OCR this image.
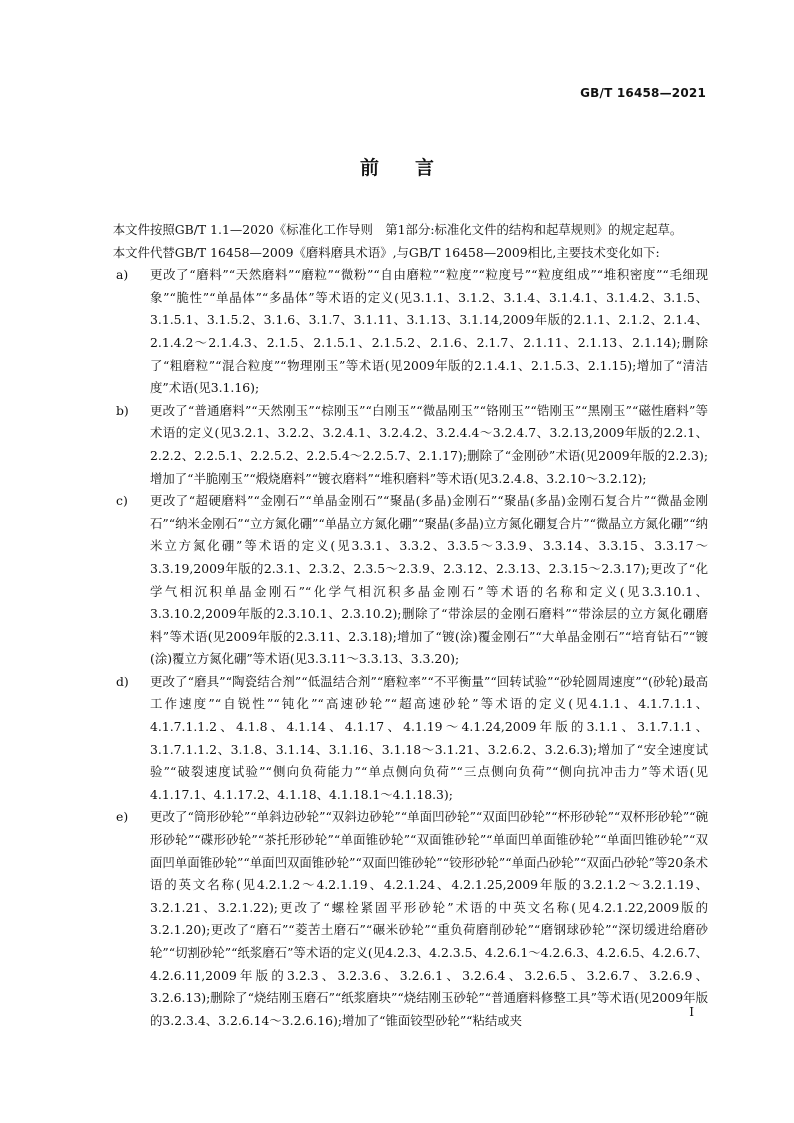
GB/T 16458—2021
前言

本文件按照GB/T 1.1—2020《标准化工作导则　第1部分:标准化文件的结构和起草规则》的规定起草。

本文件代替GB/T 16458—2009《磨料磨具术语》,与GB/T 16458—2009相比,主要技术变化如下:

a)	更改了“磨料”“天然磨料”“磨粒”“微粉”“自由磨粒”“粒度”“粒度号”“粒度组成”“堆积密度”“毛细现象”“脆性”“单晶体”“多晶体”等术语的定义(见3.1.1、3.1.2、3.1.4、3.1.4.1、3.1.4.2、3.1.5、3.1.5.1、3.1.5.2、3.1.6、3.1.7、3.1.11、3.1.13、3.1.14,2009年版的2.1.1、2.1.2、2.1.4、2.1.4.2～2.1.4.3、2.1.5、2.1.5.1、2.1.5.2、2.1.6、2.1.7、2.1.11、2.1.13、2.1.14);删除了“粗磨粒”“混合粒度”“物理刚玉”等术语(见2009年版的2.1.4.1、2.1.5.3、2.1.15);增加了“清洁度”术语(见3.1.16);
b)	更改了“普通磨料”“天然刚玉”“棕刚玉”“白刚玉”“微晶刚玉”“铬刚玉”“锆刚玉”“黑刚玉”“磁性磨料”等术语的定义(见3.2.1、3.2.2、3.2.4.1、3.2.4.2、3.2.4.4～3.2.4.7、3.2.13,2009年版的2.2.1、2.2.2、2.2.5.1、2.2.5.2、2.2.5.4～2.2.5.7、2.1.17);删除了“金刚砂”术语(见2009年版的2.2.3);增加了“半脆刚玉”“煅烧磨料”“镀衣磨料”“堆积磨料”等术语(见3.2.4.8、3.2.10～3.2.12);
c)	更改了“超硬磨料”“金刚石”“单晶金刚石”“聚晶(多晶)金刚石”“聚晶(多晶)金刚石复合片”“微晶金刚石”“纳米金刚石”“立方氮化硼”“单晶立方氮化硼”“聚晶(多晶)立方氮化硼复合片”“微晶立方氮化硼”“纳米立方氮化硼”等术语的定义(见3.3.1、3.3.2、3.3.5～3.3.9、3.3.14、3.3.15、3.3.17～3.3.19,2009年版的2.3.1、2.3.2、2.3.5～2.3.9、2.3.12、2.3.13、2.3.15～2.3.17);更改了“化学气相沉积单晶金刚石”“化学气相沉积多晶金刚石”等术语的名称和定义(见3.3.10.1、3.3.10.2,2009年版的2.3.10.1、2.3.10.2);删除了“带涂层的金刚石磨料”“带涂层的立方氮化硼磨料”等术语(见2009年版的2.3.11、2.3.18);增加了“镀(涂)覆金刚石”“大单晶金刚石”“培育钻石”“镀(涂)覆立方氮化硼”等术语(见3.3.11～3.3.13、3.3.20);
d)	更改了“磨具”“陶瓷结合剂”“低温结合剂”“磨粒率”“不平衡量”“回转试验”“砂轮圆周速度”“(砂轮)最高工作速度”“自锐性”“钝化”“高速砂轮”“超高速砂轮”等术语的定义(见4.1.1、4.1.7.1.1、4.1.7.1.1.2、4.1.8、4.1.14、4.1.17、4.1.19～4.1.24,2009年版的3.1.1、3.1.7.1.1、3.1.7.1.1.2、3.1.8、3.1.14、3.1.16、3.1.18～3.1.21、3.2.6.2、3.2.6.3);增加了“安全速度试验”“破裂速度试验”“侧向负荷能力”“单点侧向负荷”“三点侧向负荷”“侧向抗冲击力”等术语(见4.1.17.1、4.1.17.2、4.1.18、4.1.18.1～4.1.18.3);
e)	更改了“筒形砂轮”“单斜边砂轮”“双斜边砂轮”“单面凹砂轮”“双面凹砂轮”“杯形砂轮”“双杯形砂轮”“碗形砂轮”“碟形砂轮”“茶托形砂轮”“单面锥砂轮”“双面锥砂轮”“单面凹单面锥砂轮”“单面凹锥砂轮”“双面凹单面锥砂轮”“单面凹双面锥砂轮”“双面凹锥砂轮”“铰形砂轮”“单面凸砂轮”“双面凸砂轮”等20条术语的英文名称(见4.2.1.2～4.2.1.19、4.2.1.24、4.2.1.25,2009年版的3.2.1.2～3.2.1.19、3.2.1.21、3.2.1.22);更改了“螺栓紧固平形砂轮”术语的中英文名称(见4.2.1.22,2009版的3.2.1.20);更改了“磨石”“菱苦土磨石”“碾米砂轮”“重负荷磨削砂轮”“磨钢球砂轮”“深切缓进给磨砂轮”“切割砂轮”“纸浆磨石”等术语的定义(见4.2.3、4.2.3.5、4.2.6.1～4.2.6.3、4.2.6.5、4.2.6.7、4.2.6.11,2009年版的3.2.3、3.2.3.6、3.2.6.1、3.2.6.4、3.2.6.5、3.2.6.7、3.2.6.9、3.2.6.13);删除了“烧结刚玉磨石”“纸浆磨块”“烧结刚玉砂轮”“普通磨料修整工具”等术语(见2009年版的3.2.3.4、3.2.6.14～3.2.6.16);增加了“锥面铰型砂轮”“粘结或夹
I
